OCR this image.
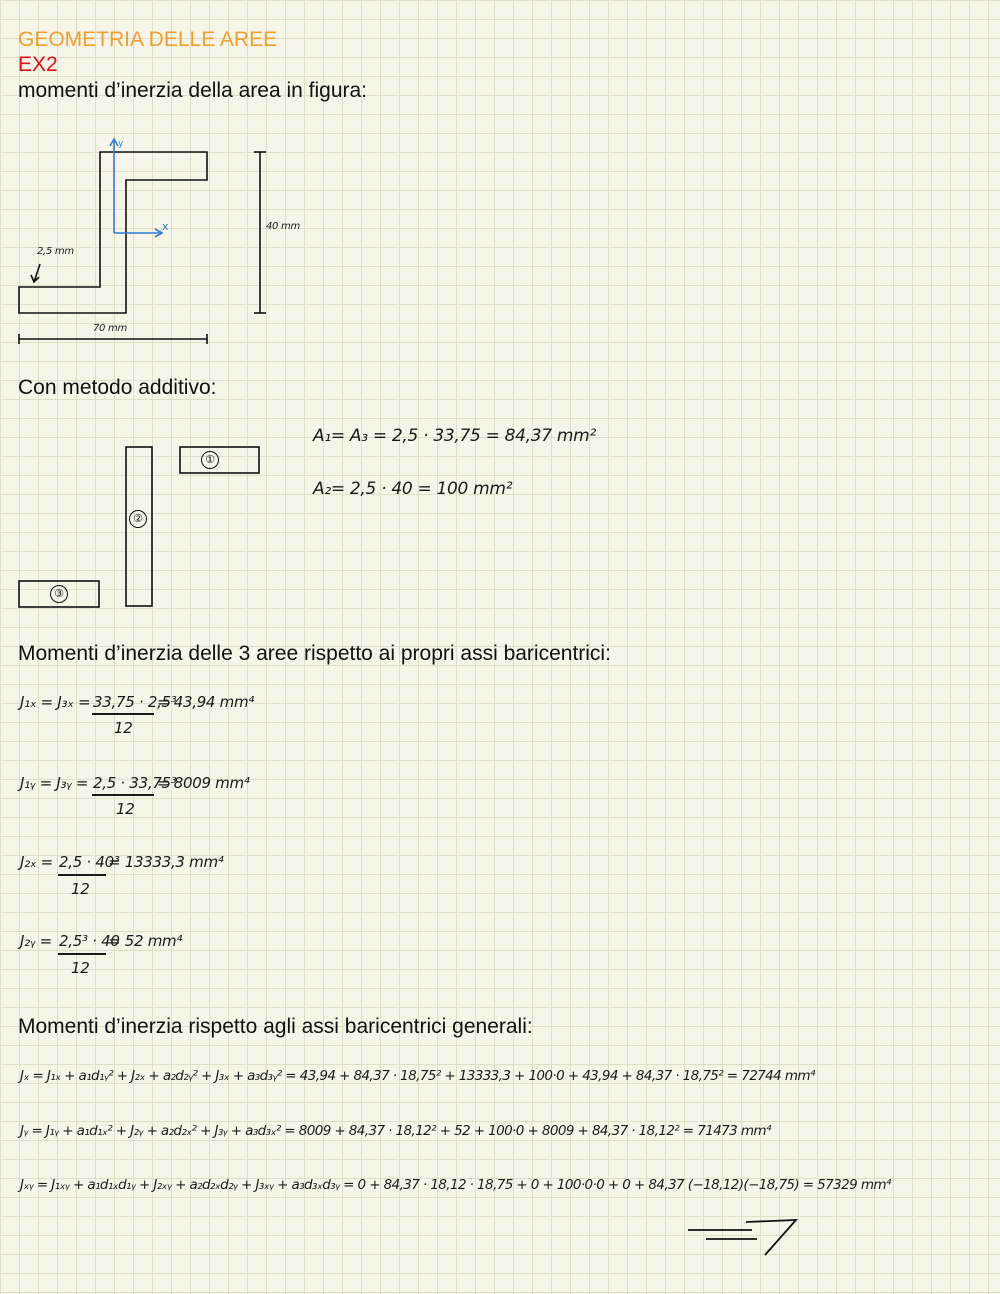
GEOMETRIA DELLE AREE
EX2
momenti d’inerzia della area in figura:
y
x
2,5 mm
40 mm
70 mm
Con metodo additivo:
①
②
③
A₁= A₃ = 2,5 · 33,75 = 84,37 mm²
A₂= 2,5 · 40 = 100 mm²
Momenti d’inerzia delle 3 aree rispetto ai propri assi baricentrici:
J₁ₓ = J₃ₓ = 33,75 · 2,5³
12
= 43,94 mm⁴
J₁ᵧ = J₃ᵧ = 2,5 · 33,75³
12
= 8009 mm⁴
J₂ₓ = 2,5 · 40³
12
= 13333,3 mm⁴
J₂ᵧ = 2,5³ · 40
12
= 52 mm⁴
Momenti d’inerzia rispetto agli assi baricentrici generali:
Jₓ = J₁ₓ + a₁d₁ᵧ² + J₂ₓ + a₂d₂ᵧ² + J₃ₓ + a₃d₃ᵧ² = 43,94 + 84,37 · 18,75² + 13333,3 + 100·0 + 43,94 + 84,37 · 18,75² = 72744 mm⁴
Jᵧ = J₁ᵧ + a₁d₁ₓ² + J₂ᵧ + a₂d₂ₓ² + J₃ᵧ + a₃d₃ₓ² = 8009 + 84,37 · 18,12² + 52 + 100·0 + 8009 + 84,37 · 18,12² = 71473 mm⁴
Jₓᵧ = J₁ₓᵧ + a₁d₁ₓd₁ᵧ + J₂ₓᵧ + a₂d₂ₓd₂ᵧ + J₃ₓᵧ + a₃d₃ₓd₃ᵧ = 0 + 84,37 · 18,12 · 18,75 + 0 + 100·0·0 + 0 + 84,37 (−18,12)(−18,75) = 57329 mm⁴
